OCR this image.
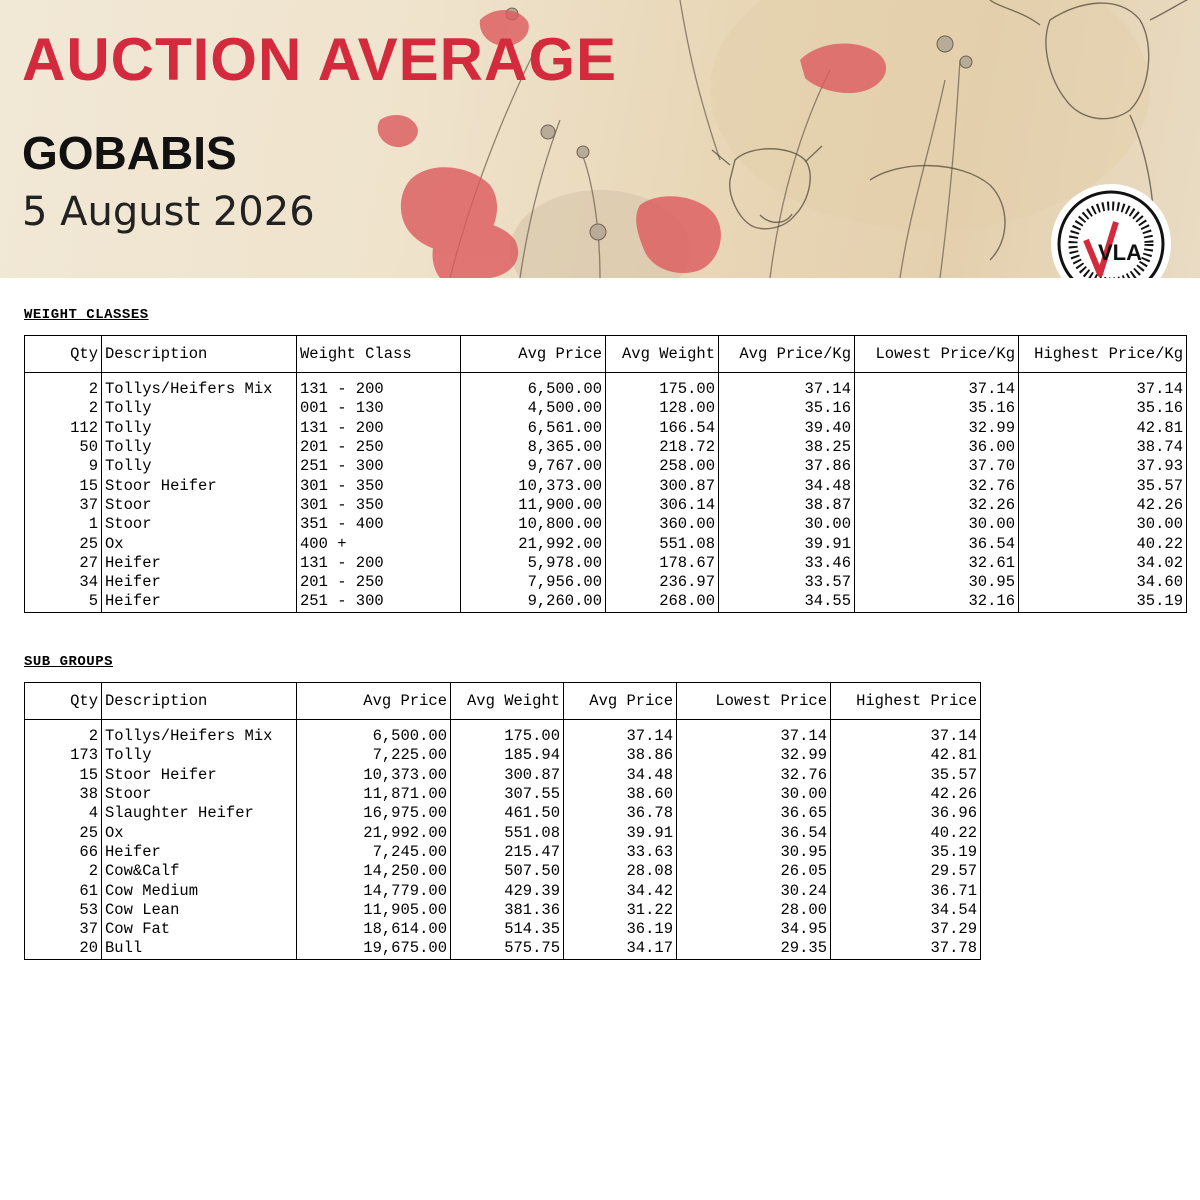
AUCTION AVERAGE
GOBABIS
5 August 2026
VLA
WEIGHT CLASSES
Qty	Description	Weight Class	Avg Price	Avg Weight	Avg Price/Kg	Lowest Price/Kg	Highest Price/Kg
2	Tollys/Heifers Mix	131 - 200	6,500.00	175.00	37.14	37.14	37.14
2	Tolly	001 - 130	4,500.00	128.00	35.16	35.16	35.16
112	Tolly	131 - 200	6,561.00	166.54	39.40	32.99	42.81
50	Tolly	201 - 250	8,365.00	218.72	38.25	36.00	38.74
9	Tolly	251 - 300	9,767.00	258.00	37.86	37.70	37.93
15	Stoor Heifer	301 - 350	10,373.00	300.87	34.48	32.76	35.57
37	Stoor	301 - 350	11,900.00	306.14	38.87	32.26	42.26
1	Stoor	351 - 400	10,800.00	360.00	30.00	30.00	30.00
25	Ox	400 +	21,992.00	551.08	39.91	36.54	40.22
27	Heifer	131 - 200	5,978.00	178.67	33.46	32.61	34.02
34	Heifer	201 - 250	7,956.00	236.97	33.57	30.95	34.60
5	Heifer	251 - 300	9,260.00	268.00	34.55	32.16	35.19
SUB GROUPS
Qty	Description	Avg Price	Avg Weight	Avg Price	Lowest Price	Highest Price
2	Tollys/Heifers Mix	6,500.00	175.00	37.14	37.14	37.14
173	Tolly	7,225.00	185.94	38.86	32.99	42.81
15	Stoor Heifer	10,373.00	300.87	34.48	32.76	35.57
38	Stoor	11,871.00	307.55	38.60	30.00	42.26
4	Slaughter Heifer	16,975.00	461.50	36.78	36.65	36.96
25	Ox	21,992.00	551.08	39.91	36.54	40.22
66	Heifer	7,245.00	215.47	33.63	30.95	35.19
2	Cow&Calf	14,250.00	507.50	28.08	26.05	29.57
61	Cow Medium	14,779.00	429.39	34.42	30.24	36.71
53	Cow Lean	11,905.00	381.36	31.22	28.00	34.54
37	Cow Fat	18,614.00	514.35	36.19	34.95	37.29
20	Bull	19,675.00	575.75	34.17	29.35	37.78
